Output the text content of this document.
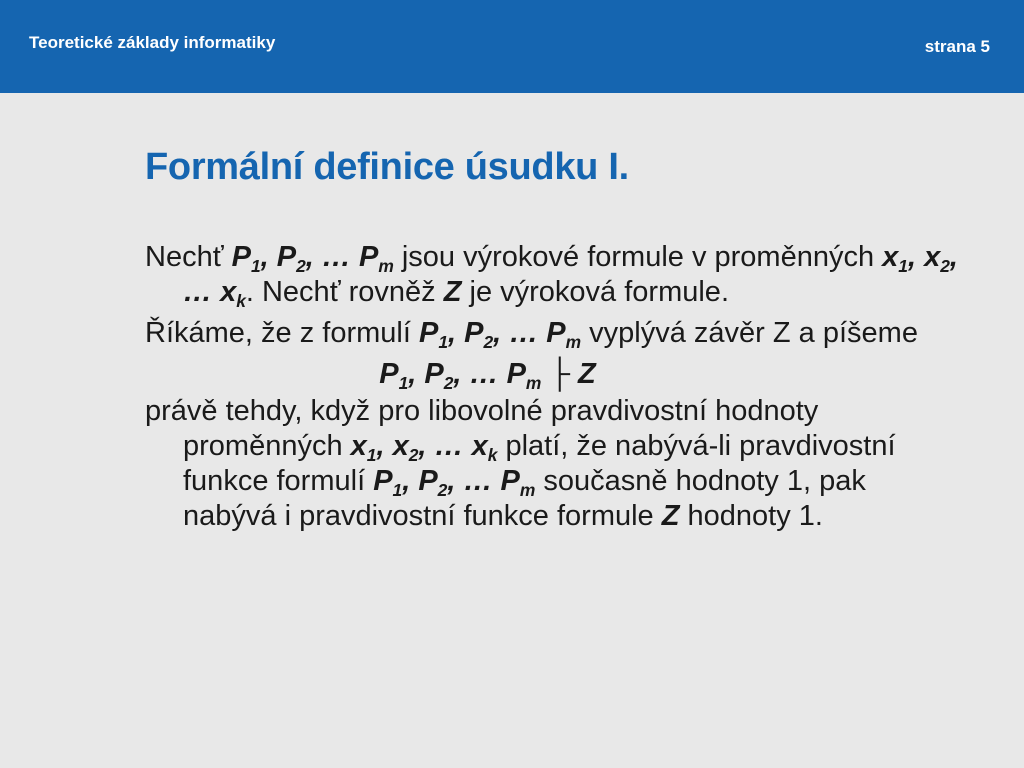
Teoretické základy informatiky	strana 5
Formální definice úsudku I.

Nechť $P_1$, $P_2$, … $P_m$ jsou výrokové formule v proměnných $x_1$, $x_2$, … $x_k$. Nechť rovněž Z je výroková formule.

Říkáme, že z formulí $P_1$, $P_2$, … $P_m$ vyplývá závěr Z a píšeme

$P_1$, $P_2$, … $P_m$ ├ Z

právě tehdy, když pro libovolné pravdivostní hodnoty proměnných $x_1$, $x_2$, … $x_k$ platí, že nabývá-li pravdivostní funkce formulí $P_1$, $P_2$, … $P_m$ současně hodnoty 1, pak nabývá i pravdivostní funkce formule Z hodnoty 1.
